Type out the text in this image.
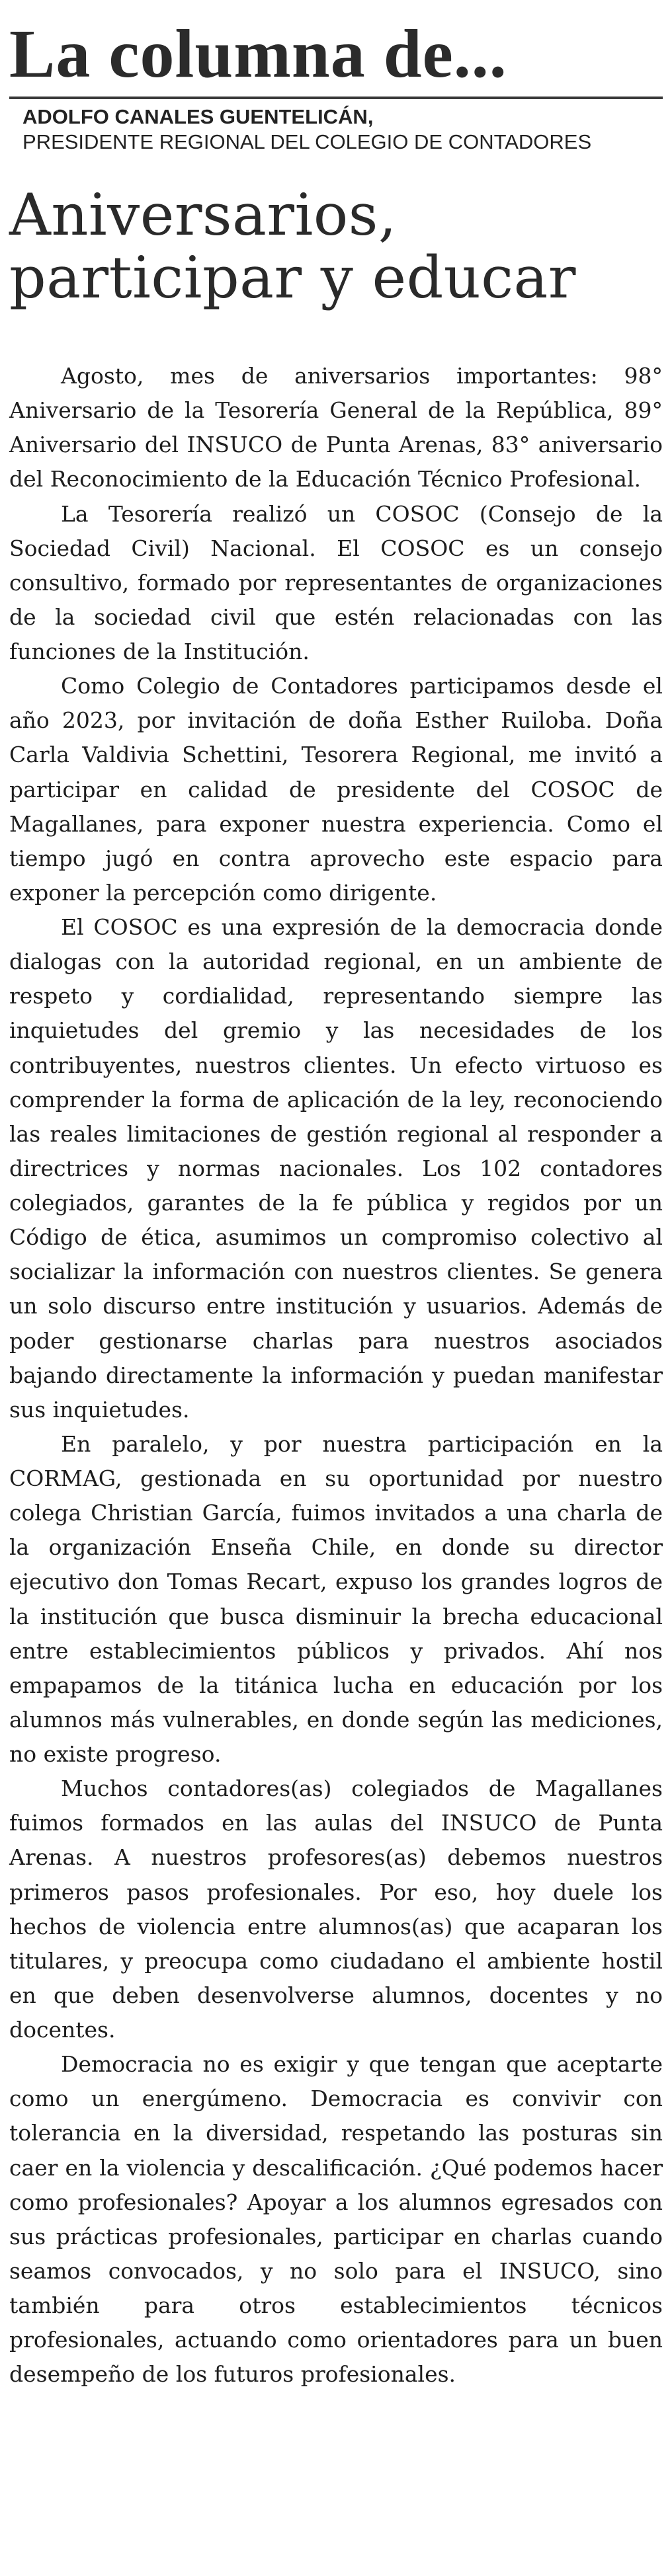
La columna de...
ADOLFO CANALES GUENTELICÁN,
PRESIDENTE REGIONAL DEL COLEGIO DE CONTADORES
Aniversarios, participar y educar

Agosto, mes de aniversarios importantes: 98° Aniversario de la Tesorería General de la República, 89° Aniversario del INSUCO de Punta Arenas, 83° aniversario del Reconocimiento de la Educación Técnico Profesional.

La Tesorería realizó un COSOC (Consejo de la Sociedad Civil) Nacional. El COSOC es un consejo consultivo, formado por representantes de organizaciones de la sociedad civil que estén relacionadas con las funciones de la Institución.

Como Colegio de Contadores participamos desde el año 2023, por invitación de doña Esther Ruiloba. Doña Carla Valdivia Schettini, Tesorera Regional, me invitó a participar en calidad de presidente del COSOC de Magallanes, para exponer nuestra experiencia. Como el tiempo jugó en contra aprovecho este espacio para exponer la percepción como dirigente.

El COSOC es una expresión de la democracia donde dialogas con la autoridad regional, en un ambiente de respeto y cordialidad, representando siempre las inquietudes del gremio y las necesidades de los contribuyentes, nuestros clientes. Un efecto virtuoso es comprender la forma de aplicación de la ley, reconociendo las reales limitaciones de gestión regional al responder a directrices y normas nacionales. Los 102 contadores colegiados, garantes de la fe pública y regidos por un Código de ética, asumimos un compromiso colectivo al socializar la información con nuestros clientes. Se genera un solo discurso entre institución y usuarios. Además de poder gestionarse charlas para nuestros asociados bajando directamente la información y puedan manifestar sus inquietudes.

En paralelo, y por nuestra participación en la CORMAG, gestionada en su oportunidad por nuestro colega Christian García, fuimos invitados a una charla de la organización Enseña Chile, en donde su director ejecutivo don Tomas Recart, expuso los grandes logros de la institución que busca disminuir la brecha educacional entre establecimientos públicos y privados. Ahí nos empapamos de la titánica lucha en educación por los alumnos más vulnerables, en donde según las mediciones, no existe progreso.

Muchos contadores(as) colegiados de Magallanes fuimos formados en las aulas del INSUCO de Punta Arenas. A nuestros profesores(as) debemos nuestros primeros pasos profesionales. Por eso, hoy duele los hechos de violencia entre alumnos(as) que acaparan los titulares, y preocupa como ciudadano el ambiente hostil en que deben desenvolverse alumnos, docentes y no docentes.

Democracia no es exigir y que tengan que aceptarte como un energúmeno. Democracia es convivir con tolerancia en la diversidad, respetando las posturas sin caer en la violencia y descalificación. ¿Qué podemos hacer como profesionales? Apoyar a los alumnos egresados con sus prácticas profesionales, participar en charlas cuando seamos convocados, y no solo para el INSUCO, sino también para otros establecimientos técnicos profesionales, actuando como orientadores para un buen desempeño de los futuros profesionales.
